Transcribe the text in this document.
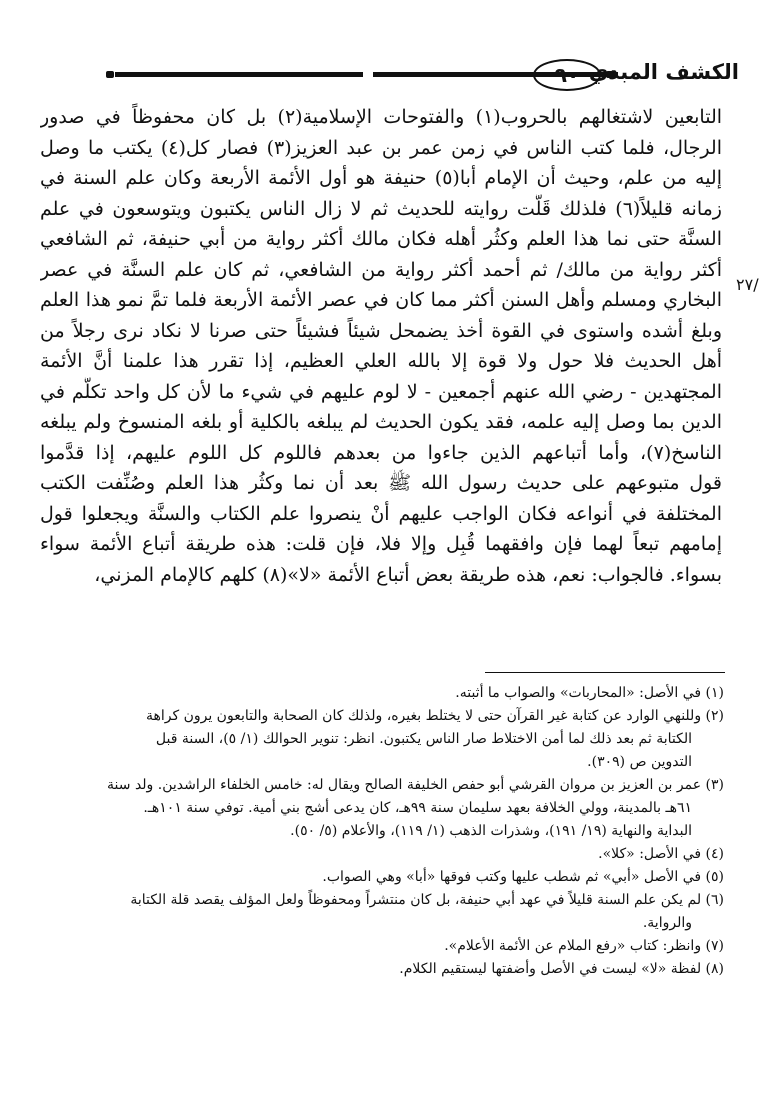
الكشف المبدي
٢٧/
التابعين لاشتغالهم بالحروب(١) والفتوحات الإسلامية(٢) بل كان محفوظاً في صدور
الرجال، فلما كتب الناس في زمن عمر بن عبد العزيز(٣) فصار كل(٤) يكتب ما وصل
إليه من علم، وحيث أن الإمام أبا(٥) حنيفة هو أول الأئمة الأربعة وكان علم السنة في
زمانه قليلاً(٦) فلذلك قَلَّت روايته للحديث ثم لا زال الناس يكتبون ويتوسعون في علم
السنَّة حتى نما هذا العلم وكثُر أهله فكان مالك أكثر رواية من أبي حنيفة، ثم الشافعي
أكثر رواية من مالك/ ثم أحمد أكثر رواية من الشافعي، ثم كان علم السنَّة في عصر
البخاري ومسلم وأهل السنن أكثر مما كان في عصر الأئمة الأربعة فلما تمَّ نمو هذا العلم
وبلغ أشده واستوى في القوة أخذ يضمحل شيئاً فشيئاً حتى صرنا لا نكاد نرى رجلاً من
أهل الحديث فلا حول ولا قوة إلا بالله العلي العظيم، إذا تقرر هذا علمنا أنَّ الأئمة
المجتهدين - رضي الله عنهم أجمعين - لا لوم عليهم في شيء ما لأن كل واحد تكلَّم في
الدين بما وصل إليه علمه، فقد يكون الحديث لم يبلغه بالكلية أو بلغه المنسوخ ولم يبلغه
الناسخ(٧)، وأما أتباعهم الذين جاءوا من بعدهم فاللوم كل اللوم عليهم، إذا قدَّموا
قول متبوعهم على حديث رسول الله ﷺ بعد أن نما وكثُر هذا العلم وصُنِّفت الكتب
المختلفة في أنواعه فكان الواجب عليهم أنْ ينصروا علم الكتاب والسنَّة ويجعلوا قول
إمامهم تبعاً لهما فإن وافقهما قُبِل وإلا فلا، فإن قلت: هذه طريقة أتباع الأئمة سواء
بسواء. فالجواب: نعم، هذه طريقة بعض أتباع الأئمة «لا»(٨) كلهم كالإمام المزني،
(١) في الأصل: «المحاربات» والصواب ما أثبته.
(٢) وللنهي الوارد عن كتابة غير القرآن حتى لا يختلط بغيره، ولذلك كان الصحابة والتابعون يرون كراهة
الكتابة ثم بعد ذلك لما أمن الاختلاط صار الناس يكتبون. انظر: تنوير الحوالك (١/ ٥)، السنة قبل
التدوين ص (٣٠٩).
(٣) عمر بن العزيز بن مروان القرشي أبو حفص الخليفة الصالح ويقال له: خامس الخلفاء الراشدين. ولد سنة
٦١هـ بالمدينة، وولي الخلافة بعهد سليمان سنة ٩٩هـ، كان يدعى أشج بني أمية. توفي سنة ١٠١هـ.
البداية والنهاية (١٩/ ١٩١)، وشذرات الذهب (١/ ١١٩)، والأعلام (٥/ ٥٠).
(٤) في الأصل: «كلا».
(٥) في الأصل «أبي» ثم شطب عليها وكتب فوقها «أبا» وهي الصواب.
(٦) لم يكن علم السنة قليلاً في عهد أبي حنيفة، بل كان منتشراً ومحفوظاً ولعل المؤلف يقصد قلة الكتابة
والرواية.
(٧) وانظر: كتاب «رفع الملام عن الأئمة الأعلام».
(٨) لفظة «لا» ليست في الأصل وأضفتها ليستقيم الكلام.
